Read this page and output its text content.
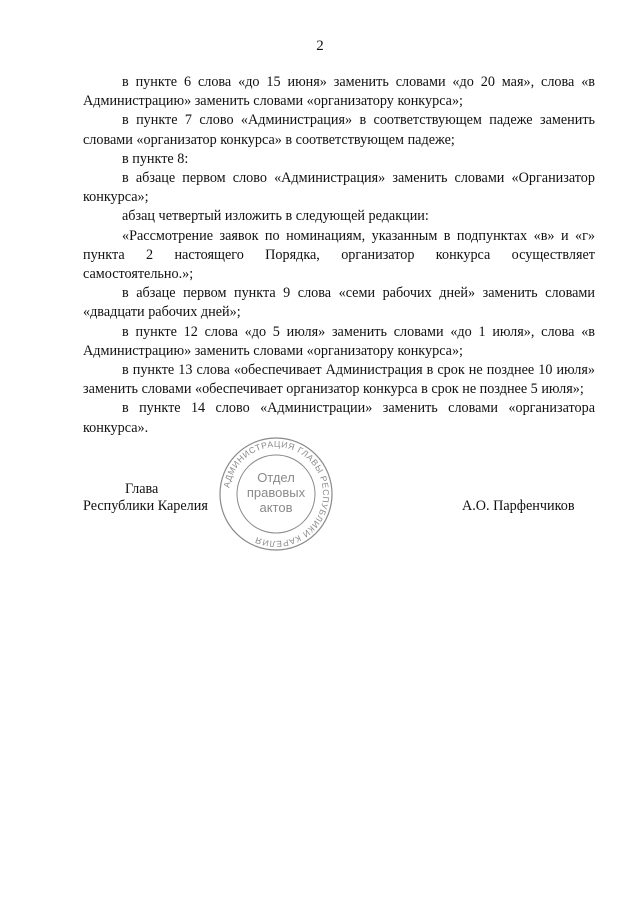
2

в пункте 6 слова «до 15 июня» заменить словами «до 20 мая», слова «в Администрацию» заменить словами «организатору конкурса»;

в пункте 7 слово «Администрация» в соответствующем падеже заменить словами «организатор конкурса» в соответствующем падеже;

в пункте 8:

в абзаце первом слово «Администрация» заменить словами «Организатор конкурса»;

абзац четвертый изложить в следующей редакции:

«Рассмотрение заявок по номинациям, указанным в подпунктах «в» и «г» пункта 2 настоящего Порядка, организатор конкурса осуществляет самостоятельно.»;

в абзаце первом пункта 9 слова «семи рабочих дней» заменить словами «двадцати рабочих дней»;

в пункте 12 слова «до 5 июля» заменить словами «до 1 июля», слова «в Администрацию» заменить словами «организатору конкурса»;

в пункте 13 слова «обеспечивает Администрация в срок не позднее 10 июля» заменить словами «обеспечивает организатор конкурса в срок не позднее 5 июля»;

в пункте 14 слово «Администрации» заменить словами «организатора конкурса».

Глава
Республики Карелия	А.О. Парфенчиков
АДМИНИСТРАЦИЯ ГЛАВЫ РЕСПУБЛИКИ КАРЕЛИЯ
Отдел
правовых
актов
